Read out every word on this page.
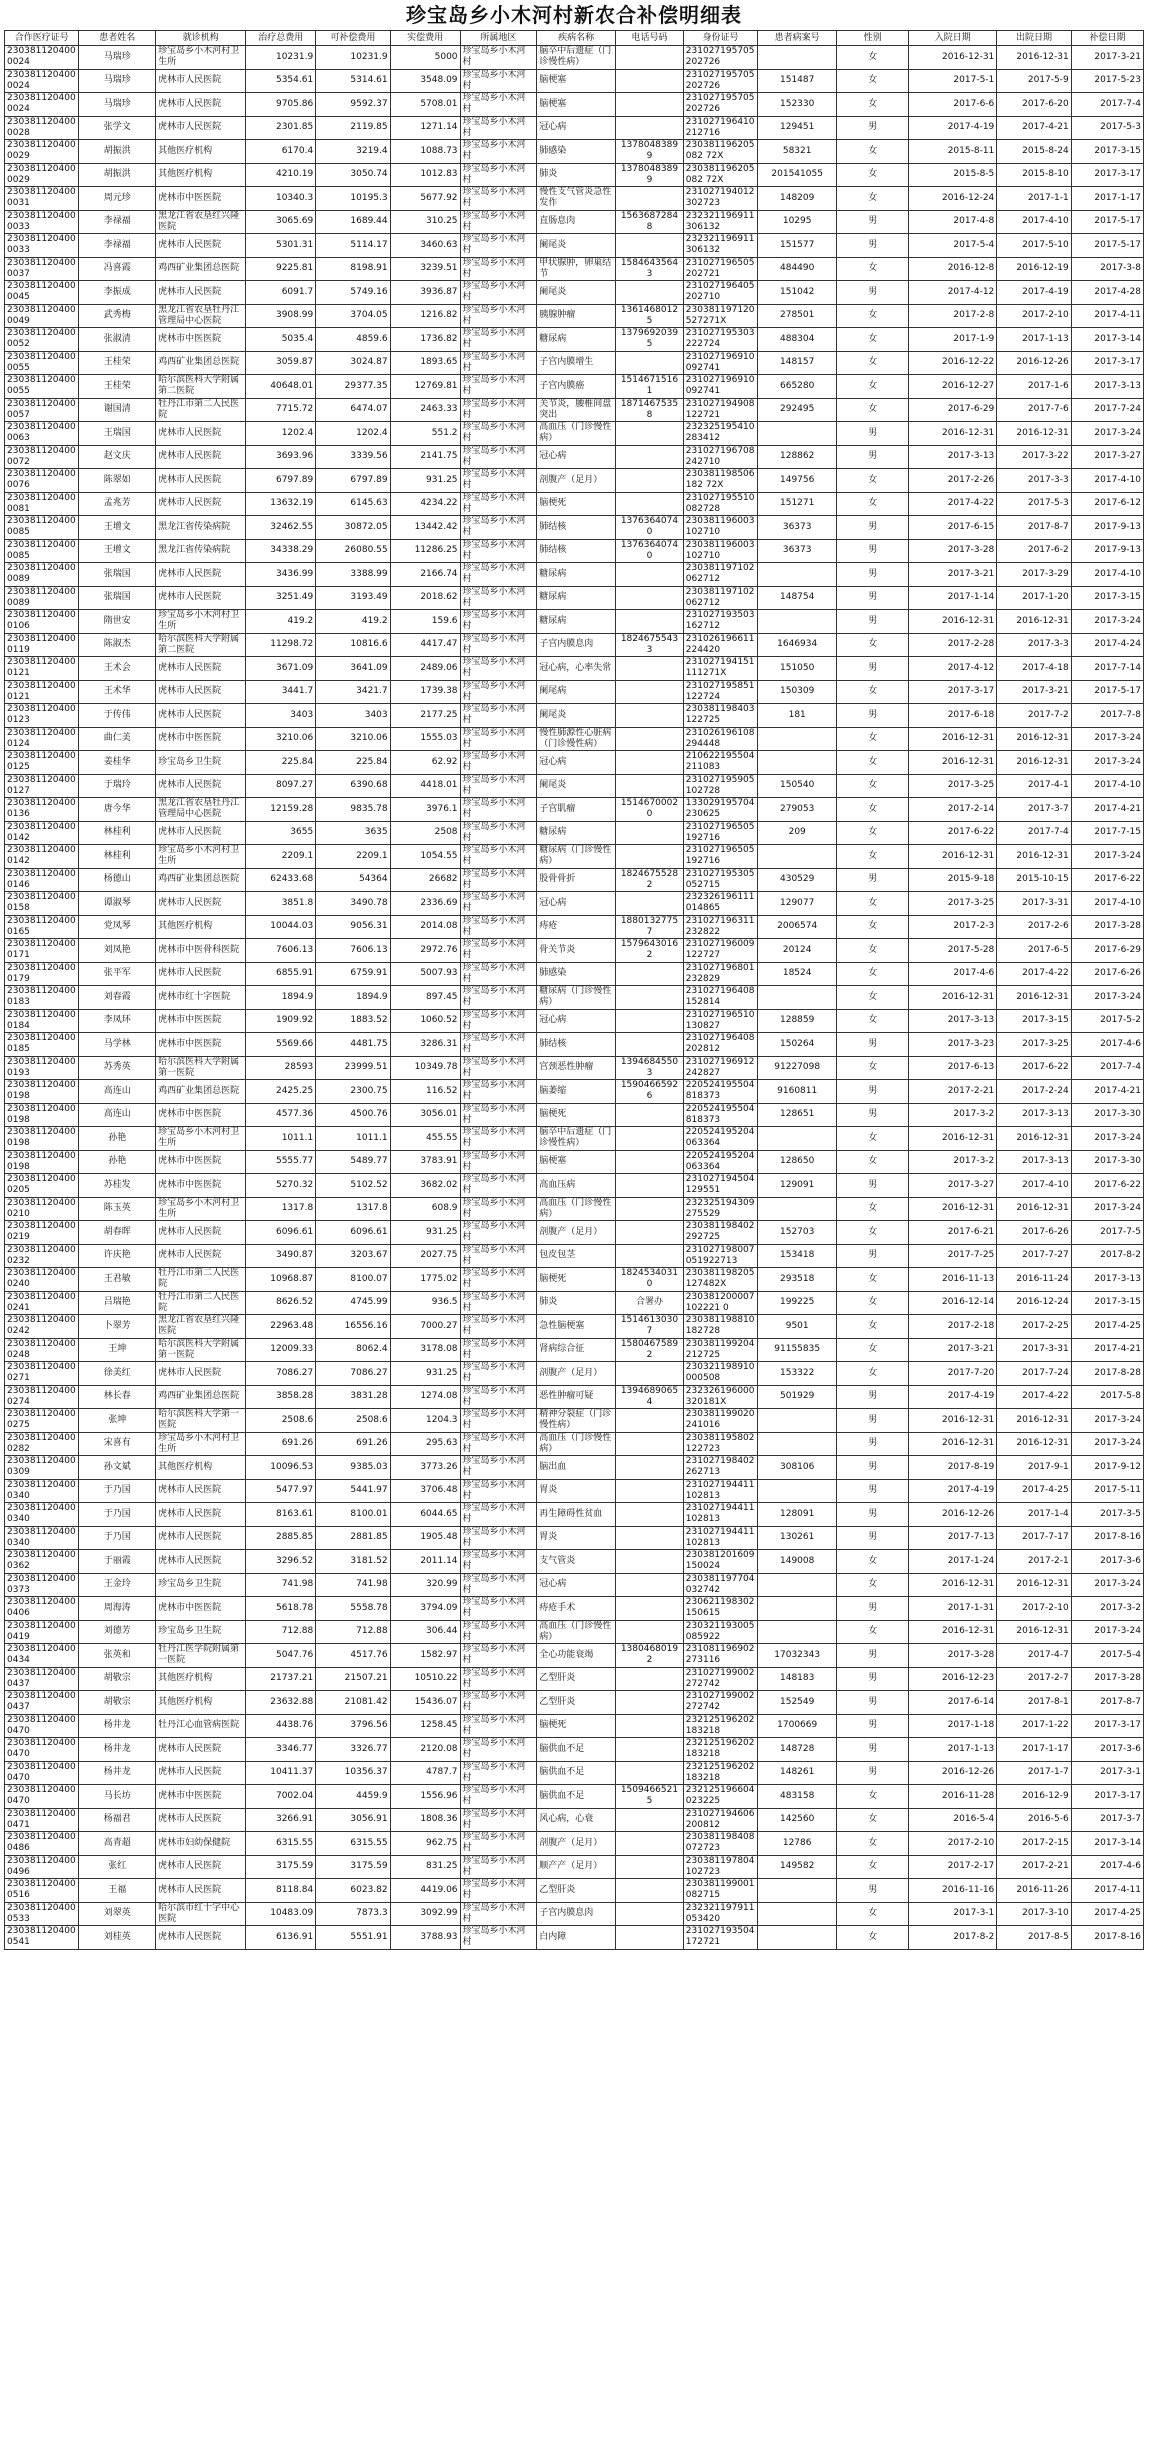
珍宝岛乡小木河村新农合补偿明细表
合作医疗证号	患者姓名	就诊机构	治疗总费用	可补偿费用	实偿费用	所属地区	疾病名称	电话号码	身份证号	患者病案号	性别	入院日期	出院日期	补偿日期
2303811204000024	马瑞珍	珍宝岛乡小木河村卫生所	10231.9	10231.9	5000	珍宝岛乡小木河村	脑卒中后遗症（门诊慢性病）		231027195705202726		女	2016-12-31	2016-12-31	2017-3-21
2303811204000024	马瑞珍	虎林市人民医院	5354.61	5314.61	3548.09	珍宝岛乡小木河村	脑梗塞		231027195705202726	151487	女	2017-5-1	2017-5-9	2017-5-23
2303811204000024	马瑞珍	虎林市人民医院	9705.86	9592.37	5708.01	珍宝岛乡小木河村	脑梗塞		231027195705202726	152330	女	2017-6-6	2017-6-20	2017-7-4
2303811204000028	张学文	虎林市人民医院	2301.85	2119.85	1271.14	珍宝岛乡小木河村	冠心病		231027196410212716	129451	男	2017-4-19	2017-4-21	2017-5-3
2303811204000029	胡振洪	其他医疗机构	6170.4	3219.4	1088.73	珍宝岛乡小木河村	肺感染	13780483899	230381196205082 72X	58321	女	2015-8-11	2015-8-24	2017-3-15
2303811204000029	胡振洪	其他医疗机构	4210.19	3050.74	1012.83	珍宝岛乡小木河村	肺炎	13780483899	230381196205082 72X	201541055	女	2015-8-5	2015-8-10	2017-3-17
2303811204000031	周元珍	虎林市中医医院	10340.3	10195.3	5677.92	珍宝岛乡小木河村	慢性支气管炎急性发作		231027194012302723	148209	女	2016-12-24	2017-1-1	2017-1-17
2303811204000033	李禄福	黑龙江省农垦红兴隆医院	3065.69	1689.44	310.25	珍宝岛乡小木河村	直肠息肉	15636872848	232321196911306132	10295	男	2017-4-8	2017-4-10	2017-5-17
2303811204000033	李禄福	虎林市人民医院	5301.31	5114.17	3460.63	珍宝岛乡小木河村	阑尾炎		232321196911306132	151577	男	2017-5-4	2017-5-10	2017-5-17
2303811204000037	冯喜霞	鸡西矿业集团总医院	9225.81	8198.91	3239.51	珍宝岛乡小木河村	甲状腺肿，卵巢结节	15846435643	231027196505202721	484490	女	2016-12-8	2016-12-19	2017-3-8
2303811204000045	李振成	虎林市人民医院	6091.7	5749.16	3936.87	珍宝岛乡小木河村	阑尾炎		231027196405202710	151042	男	2017-4-12	2017-4-19	2017-4-28
2303811204000049	武秀梅	黑龙江省农垦牡丹江管理局中心医院	3908.99	3704.05	1216.82	珍宝岛乡小木河村	胰腺肿瘤	13614680125	230381197120527271X	278501	女	2017-2-8	2017-2-10	2017-4-11
2303811204000052	张淑清	虎林市中医医院	5035.4	4859.6	1736.82	珍宝岛乡小木河村	糖尿病	13796920395	231027195303222724	488304	女	2017-1-9	2017-1-13	2017-3-14
2303811204000055	王桂荣	鸡西矿业集团总医院	3059.87	3024.87	1893.65	珍宝岛乡小木河村	子宫内膜增生		231027196910092741	148157	女	2016-12-22	2016-12-26	2017-3-17
2303811204000055	王桂荣	哈尔滨医科大学附属第二医院	40648.01	29377.35	12769.81	珍宝岛乡小木河村	子宫内膜癌	15146715161	231027196910092741	665280	女	2016-12-27	2017-1-6	2017-3-13
2303811204000057	谢国清	牡丹江市第二人民医院	7715.72	6474.07	2463.33	珍宝岛乡小木河村	关节炎，腰椎间盘突出	18714675358	231027194908122721	292495	女	2017-6-29	2017-7-6	2017-7-24
2303811204000063	王瑞国	虎林市人民医院	1202.4	1202.4	551.2	珍宝岛乡小木河村	高血压（门诊慢性病）		232325195410283412		男	2016-12-31	2016-12-31	2017-3-24
2303811204000072	赵文庆	虎林市人民医院	3693.96	3339.56	2141.75	珍宝岛乡小木河村	冠心病		231027196708242710	128862	男	2017-3-13	2017-3-22	2017-3-27
2303811204000076	陈翠如	虎林市人民医院	6797.89	6797.89	931.25	珍宝岛乡小木河村	剖腹产（足月）		230381198506182 72X	149756	女	2017-2-26	2017-3-3	2017-4-10
2303811204000081	孟兆芳	虎林市人民医院	13632.19	6145.63	4234.22	珍宝岛乡小木河村	脑梗死		231027195510082728	151271	女	2017-4-22	2017-5-3	2017-6-12
2303811204000085	王增文	黑龙江省传染病院	32462.55	30872.05	13442.42	珍宝岛乡小木河村	肺结核	13763640740	230381196003102710	36373	男	2017-6-15	2017-8-7	2017-9-13
2303811204000085	王增文	黑龙江省传染病院	34338.29	26080.55	11286.25	珍宝岛乡小木河村	肺结核	13763640740	230381196003102710	36373	男	2017-3-28	2017-6-2	2017-9-13
2303811204000089	张瑞国	虎林市人民医院	3436.99	3388.99	2166.74	珍宝岛乡小木河村	糖尿病		230381197102062712		男	2017-3-21	2017-3-29	2017-4-10
2303811204000089	张瑞国	虎林市人民医院	3251.49	3193.49	2018.62	珍宝岛乡小木河村	糖尿病		230381197102062712	148754	男	2017-1-14	2017-1-20	2017-3-15
2303811204000106	隋世安	珍宝岛乡小木河村卫生所	419.2	419.2	159.6	珍宝岛乡小木河村	糖尿病		231027193503162712		男	2016-12-31	2016-12-31	2017-3-24
2303811204000119	陈淑杰	哈尔滨医科大学附属第二医院	11298.72	10816.6	4417.47	珍宝岛乡小木河村	子宫内膜息肉	18246755433	231026196611224420	1646934	女	2017-2-28	2017-3-3	2017-4-24
2303811204000121	王术会	虎林市人民医院	3671.09	3641.09	2489.06	珍宝岛乡小木河村	冠心病，心率失常		231027194151111271X	151050	男	2017-4-12	2017-4-18	2017-7-14
2303811204000121	王术华	虎林市人民医院	3441.7	3421.7	1739.38	珍宝岛乡小木河村	阑尾病		231027195851122724	150309	女	2017-3-17	2017-3-21	2017-5-17
2303811204000123	于传伟	虎林市人民医院	3403	3403	2177.25	珍宝岛乡小木河村	阑尾炎		230381198403122725	181	男	2017-6-18	2017-7-2	2017-7-8
2303811204000124	曲仁美	虎林市中医医院	3210.06	3210.06	1555.03	珍宝岛乡小木河村	慢性肺源性心脏病（门诊慢性病）		231026196108294448		女	2016-12-31	2016-12-31	2017-3-24
2303811204000125	姜桂华	珍宝岛乡卫生院	225.84	225.84	62.92	珍宝岛乡小木河村	冠心病		210622195504211083		女	2016-12-31	2016-12-31	2017-3-24
2303811204000127	于瑞玲	虎林市人民医院	8097.27	6390.68	4418.01	珍宝岛乡小木河村	阑尾炎		231027195905102728	150540	女	2017-3-25	2017-4-1	2017-4-10
2303811204000136	唐今华	黑龙江省农垦牡丹江管理局中心医院	12159.28	9835.78	3976.1	珍宝岛乡小木河村	子宫肌瘤	15146700020	133029195704230625	279053	女	2017-2-14	2017-3-7	2017-4-21
2303811204000142	林桂利	虎林市人民医院	3655	3635	2508	珍宝岛乡小木河村	糖尿病		231027196505192716	209	女	2017-6-22	2017-7-4	2017-7-15
2303811204000142	林桂利	珍宝岛乡小木河村卫生所	2209.1	2209.1	1054.55	珍宝岛乡小木河村	糖尿病（门诊慢性病）		231027196505192716		女	2016-12-31	2016-12-31	2017-3-24
2303811204000146	杨德山	鸡西矿业集团总医院	62433.68	54364	26682	珍宝岛乡小木河村	股骨骨折	18246755282	231027195305052715	430529	男	2015-9-18	2015-10-15	2017-6-22
2303811204000158	谭淑琴	虎林市人民医院	3851.8	3490.78	2336.69	珍宝岛乡小木河村	冠心病		232326196111014865	129077	女	2017-3-25	2017-3-31	2017-4-10
2303811204000165	党凤琴	其他医疗机构	10044.03	9056.31	2014.08	珍宝岛乡小木河村	痔疮	18801327757	231027196311232822	2006574	女	2017-2-3	2017-2-6	2017-3-28
2303811204000171	刘凤艳	虎林市中医骨科医院	7606.13	7606.13	2972.76	珍宝岛乡小木河村	骨关节炎	15796430162	231027196009122727	20124	女	2017-5-28	2017-6-5	2017-6-29
2303811204000179	张平军	虎林市人民医院	6855.91	6759.91	5007.93	珍宝岛乡小木河村	肺感染		231027196801232829	18524	女	2017-4-6	2017-4-22	2017-6-26
2303811204000183	刘春霞	虎林市红十字医院	1894.9	1894.9	897.45	珍宝岛乡小木河村	糖尿病（门诊慢性病）		231027196408152814		女	2016-12-31	2016-12-31	2017-3-24
2303811204000184	李凤环	虎林市中医医院	1909.92	1883.52	1060.52	珍宝岛乡小木河村	冠心病		231027196510130827	128859	女	2017-3-13	2017-3-15	2017-5-2
2303811204000185	马学林	虎林市中医医院	5569.66	4481.75	3286.31	珍宝岛乡小木河村	肺结核		231027196408202812	150264	男	2017-3-23	2017-3-25	2017-4-6
2303811204000193	苏秀英	哈尔滨医科大学附属第一医院	28593	23999.51	10349.78	珍宝岛乡小木河村	宫颈恶性肿瘤	13946845503	231027196912242827	91227098	女	2017-6-13	2017-6-22	2017-7-4
2303811204000198	高连山	鸡西矿业集团总医院	2425.25	2300.75	116.52	珍宝岛乡小木河村	脑萎缩	15904665926	220524195504818373	9160811	男	2017-2-21	2017-2-24	2017-4-21
2303811204000198	高连山	虎林市中医医院	4577.36	4500.76	3056.01	珍宝岛乡小木河村	脑梗死		220524195504818373	128651	男	2017-3-2	2017-3-13	2017-3-30
2303811204000198	孙艳	珍宝岛乡小木河村卫生所	1011.1	1011.1	455.55	珍宝岛乡小木河村	脑卒中后遗症（门诊慢性病）		220524195204063364		女	2016-12-31	2016-12-31	2017-3-24
2303811204000198	孙艳	虎林市中医医院	5555.77	5489.77	3783.91	珍宝岛乡小木河村	脑梗塞		220524195204063364	128650	女	2017-3-2	2017-3-13	2017-3-30
2303811204000205	苏桂发	虎林市中医医院	5270.32	5102.52	3682.02	珍宝岛乡小木河村	高血压病		231027194504129551	129091	男	2017-3-27	2017-4-10	2017-6-22
2303811204000210	陈玉英	珍宝岛乡小木河村卫生所	1317.8	1317.8	608.9	珍宝岛乡小木河村	高血压（门诊慢性病）		232325194309275529		女	2016-12-31	2016-12-31	2017-3-24
2303811204000219	胡春晖	虎林市人民医院	6096.61	6096.61	931.25	珍宝岛乡小木河村	剖腹产（足月）		230381198402292725	152703	女	2017-6-21	2017-6-26	2017-7-5
2303811204000232	许庆艳	虎林市人民医院	3490.87	3203.67	2027.75	珍宝岛乡小木河村	包皮包茎		231027198007051922713	153418	男	2017-7-25	2017-7-27	2017-8-2
2303811204000240	王君敏	牡丹江市第二人民医院	10968.87	8100.07	1775.02	珍宝岛乡小木河村	脑梗死	18245340310	230381198205127482X	293518	女	2016-11-13	2016-11-24	2017-3-13
2303811204000241	吕瑞艳	牡丹江市第二人民医院	8626.52	4745.99	936.5	珍宝岛乡小木河村	肺炎	合署办	230381200007102221 0	199225	女	2016-12-14	2016-12-24	2017-3-15
2303811204000242	卜翠芳	黑龙江省农垦红兴隆医院	22963.48	16556.16	7000.27	珍宝岛乡小木河村	急性脑梗塞	15146130307	230381198810182728	9501	女	2017-2-18	2017-2-25	2017-4-25
2303811204000248	王坤	哈尔滨医科大学附属第一医院	12009.33	8062.4	3178.08	珍宝岛乡小木河村	肾病综合征	15804675892	230381199204212725	91155835	女	2017-3-21	2017-3-31	2017-4-21
2303811204000271	徐美红	虎林市人民医院	7086.27	7086.27	931.25	珍宝岛乡小木河村	剖腹产（足月）		230321198910000508	153322	女	2017-7-20	2017-7-24	2017-8-28
2303811204000274	林长春	鸡西矿业集团总医院	3858.28	3831.28	1274.08	珍宝岛乡小木河村	恶性肿瘤可疑	13946890654	232326196000320181X	501929	男	2017-4-19	2017-4-22	2017-5-8
2303811204000275	张坤	哈尔滨医科大学第一医院	2508.6	2508.6	1204.3	珍宝岛乡小木河村	精神分裂症（门诊慢性病）		230381199020241016		男	2016-12-31	2016-12-31	2017-3-24
2303811204000282	宋喜有	珍宝岛乡小木河村卫生所	691.26	691.26	295.63	珍宝岛乡小木河村	高血压（门诊慢性病）		230381195802122723		男	2016-12-31	2016-12-31	2017-3-24
2303811204000309	孙文斌	其他医疗机构	10096.53	9385.03	3773.26	珍宝岛乡小木河村	脑出血		231027198402262713	308106	男	2017-8-19	2017-9-1	2017-9-12
2303811204000340	于乃国	虎林市人民医院	5477.97	5441.97	3706.48	珍宝岛乡小木河村	胃炎		231027194411102813		男	2017-4-19	2017-4-25	2017-5-11
2303811204000340	于乃国	虎林市人民医院	8163.61	8100.01	6044.65	珍宝岛乡小木河村	再生障碍性贫血		231027194411102813	128091	男	2016-12-26	2017-1-4	2017-3-5
2303811204000340	于乃国	虎林市人民医院	2885.85	2881.85	1905.48	珍宝岛乡小木河村	胃炎		231027194411102813	130261	男	2017-7-13	2017-7-17	2017-8-16
2303811204000362	于丽霞	虎林市人民医院	3296.52	3181.52	2011.14	珍宝岛乡小木河村	支气管炎		230381201609150024	149008	女	2017-1-24	2017-2-1	2017-3-6
2303811204000373	王金玲	珍宝岛乡卫生院	741.98	741.98	320.99	珍宝岛乡小木河村	冠心病		230381197704032742		女	2016-12-31	2016-12-31	2017-3-24
2303811204000406	周海涛	虎林市中医医院	5618.78	5558.78	3794.09	珍宝岛乡小木河村	痔疮手术		230621198302150615		男	2017-1-31	2017-2-10	2017-3-2
2303811204000419	刘德芳	珍宝岛乡卫生院	712.88	712.88	306.44	珍宝岛乡小木河村	高血压（门诊慢性病）		230321193005085922		女	2016-12-31	2016-12-31	2017-3-24
2303811204000434	张英和	牡丹江医学院附属第一医院	5047.76	4517.76	1582.97	珍宝岛乡小木河村	全心功能衰竭	13804680192	231081196902273116	17032343	男	2017-3-28	2017-4-7	2017-5-4
2303811204000437	胡敬宗	其他医疗机构	21737.21	21507.21	10510.22	珍宝岛乡小木河村	乙型肝炎		231027199002272742	148183	男	2016-12-23	2017-2-7	2017-3-28
2303811204000437	胡敬宗	其他医疗机构	23632.88	21081.42	15436.07	珍宝岛乡小木河村	乙型肝炎		231027199002272742	152549	男	2017-6-14	2017-8-1	2017-8-7
2303811204000470	杨井龙	牡丹江心血管病医院	4438.76	3796.56	1258.45	珍宝岛乡小木河村	脑梗死		232125196202183218	1700669	男	2017-1-18	2017-1-22	2017-3-17
2303811204000470	杨井龙	虎林市人民医院	3346.77	3326.77	2120.08	珍宝岛乡小木河村	脑供血不足		232125196202183218	148728	男	2017-1-13	2017-1-17	2017-3-6
2303811204000470	杨井龙	虎林市人民医院	10411.37	10356.37	4787.7	珍宝岛乡小木河村	脑供血不足		232125196202183218	148261	男	2016-12-26	2017-1-7	2017-3-1
2303811204000470	马长坊	虎林市中医医院	7002.04	4459.9	1556.96	珍宝岛乡小木河村	脑供血不足	15094665215	232125196604023225	483158	女	2016-11-28	2016-12-9	2017-3-17
2303811204000471	杨福君	虎林市人民医院	3266.91	3056.91	1808.36	珍宝岛乡小木河村	风心病，心衰		231027194606200812	142560	女	2016-5-4	2016-5-6	2017-3-7
2303811204000486	高青超	虎林市妇幼保健院	6315.55	6315.55	962.75	珍宝岛乡小木河村	剖腹产（足月）		230381198408072723	12786	女	2017-2-10	2017-2-15	2017-3-14
2303811204000496	张红	虎林市人民医院	3175.59	3175.59	831.25	珍宝岛乡小木河村	顺产产（足月）		230381197804102723	149582	女	2017-2-17	2017-2-21	2017-4-6
2303811204000516	王福	虎林市人民医院	8118.84	6023.82	4419.06	珍宝岛乡小木河村	乙型肝炎		230381199001082715		男	2016-11-16	2016-11-26	2017-4-11
2303811204000533	刘翠英	哈尔滨市红十字中心医院	10483.09	7873.3	3092.99	珍宝岛乡小木河村	子宫内膜息肉		232321197911053420		女	2017-3-1	2017-3-10	2017-4-25
2303811204000541	刘桂英	虎林市人民医院	6136.91	5551.91	3788.93	珍宝岛乡小木河村	白内障		231027193504172721		女	2017-8-2	2017-8-5	2017-8-16
